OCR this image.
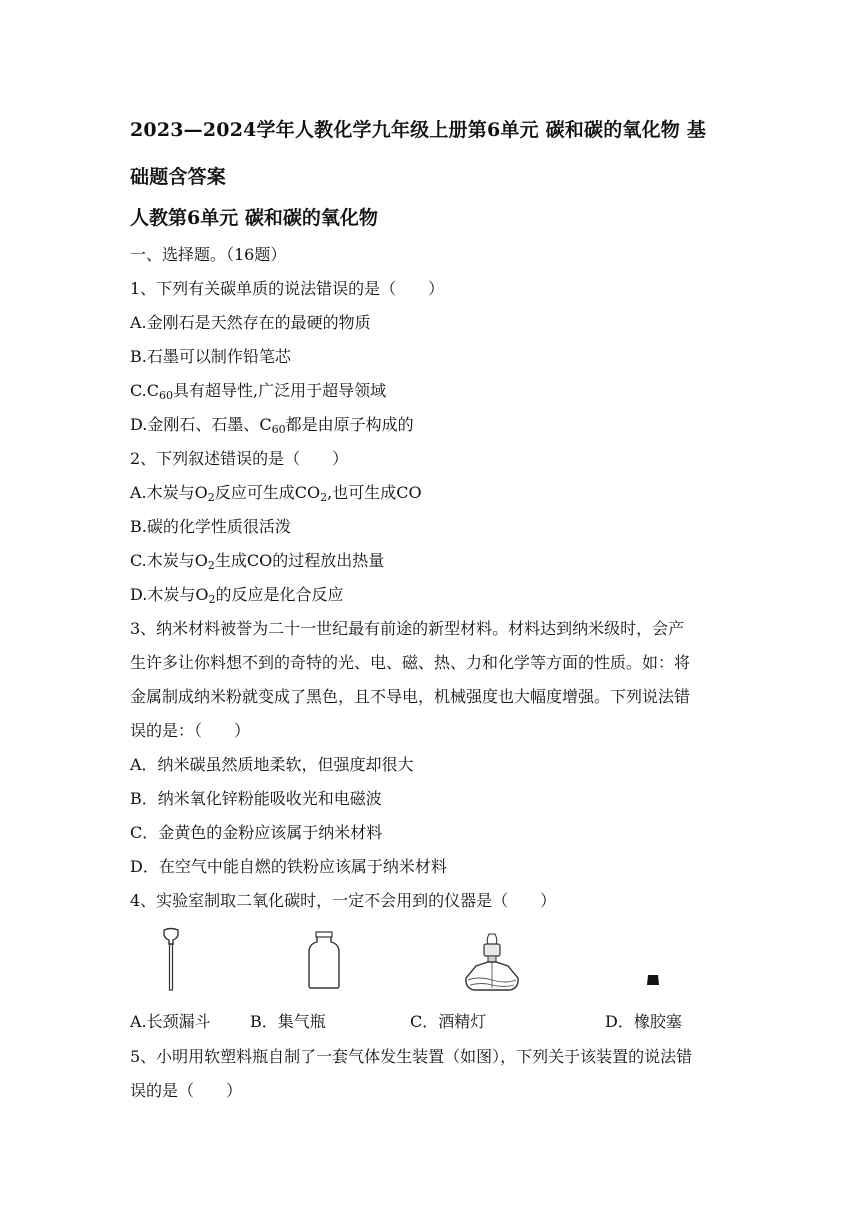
2023—2024学年人教化学九年级上册第6单元 碳和碳的氧化物 基
础题含答案
人教第6单元 碳和碳的氧化物
一、选择题。（16题）
1、下列有关碳单质的说法错误的是（　　）
A.金刚石是天然存在的最硬的物质
B.石墨可以制作铅笔芯
$C.C_{60}$具有超导性,广泛用于超导领域
D.金刚石、石墨、$C_{60}$都是由原子构成的
2、下列叙述错误的是（　　）
A.木炭与$O_2$反应可生成$CO_2$,也可生成CO
B.碳的化学性质很活泼
C.木炭与$O_2$生成CO的过程放出热量
D.木炭与$O_2$的反应是化合反应
3、纳米材料被誉为二十一世纪最有前途的新型材料。材料达到纳米级时，会产
生许多让你料想不到的奇特的光、电、磁、热、力和化学等方面的性质。如：将
金属制成纳米粉就变成了黑色，且不导电，机械强度也大幅度增强。下列说法错
误的是：（　　）
A．纳米碳虽然质地柔软，但强度却很大
B．纳米氧化锌粉能吸收光和电磁波
C．金黄色的金粉应该属于纳米材料
D．在空气中能自燃的铁粉应该属于纳米材料
4、实验室制取二氧化碳时，一定不会用到的仪器是（　　）
A.长颈漏斗 B．集气瓶	C．酒精灯	D．橡胶塞
5、小明用软塑料瓶自制了一套气体发生装置（如图），下列关于该装置的说法错
误的是（　　）
